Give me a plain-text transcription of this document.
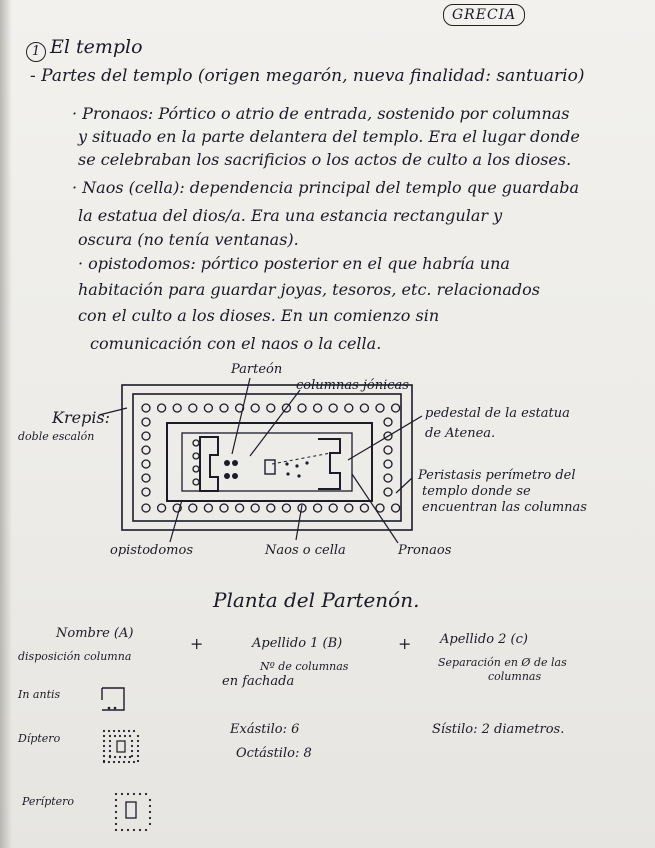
GRECIA
1 El templo
- Partes del templo (origen megarón, nueva finalidad: santuario)
· Pronaos: Pórtico o atrio de entrada, sostenido por columnas
y situado en la parte delantera del templo. Era el lugar donde
se celebraban los sacrificios o los actos de culto a los dioses.
· Naos (cella): dependencia principal del templo que guardaba
la estatua del dios/a. Era una estancia rectangular y
oscura (no tenía ventanas).
· opistodomos: pórtico posterior en el que habría una
habitación para guardar joyas, tesoros, etc. relacionados
con el culto a los dioses. En un comienzo sin
comunicación con el naos o la cella.
Parteón
columnas jónicas
Krepis:
doble escalón
pedestal de la estatua
de Atenea.
Peristasis perímetro del
templo donde se
encuentran las columnas
opistodomos	Naos o cella	Pronaos
Planta del Partenón.
Nombre (A)
+	Apellido 1 (B)	+ Apellido 2 (c)
disposición columna
Nº de columnas
en fachada
Separación en Ø de las
columnas
In antis
Díptero
Exástilo: 6	Sístilo: 2 diametros.
Octástilo: 8
Períptero
